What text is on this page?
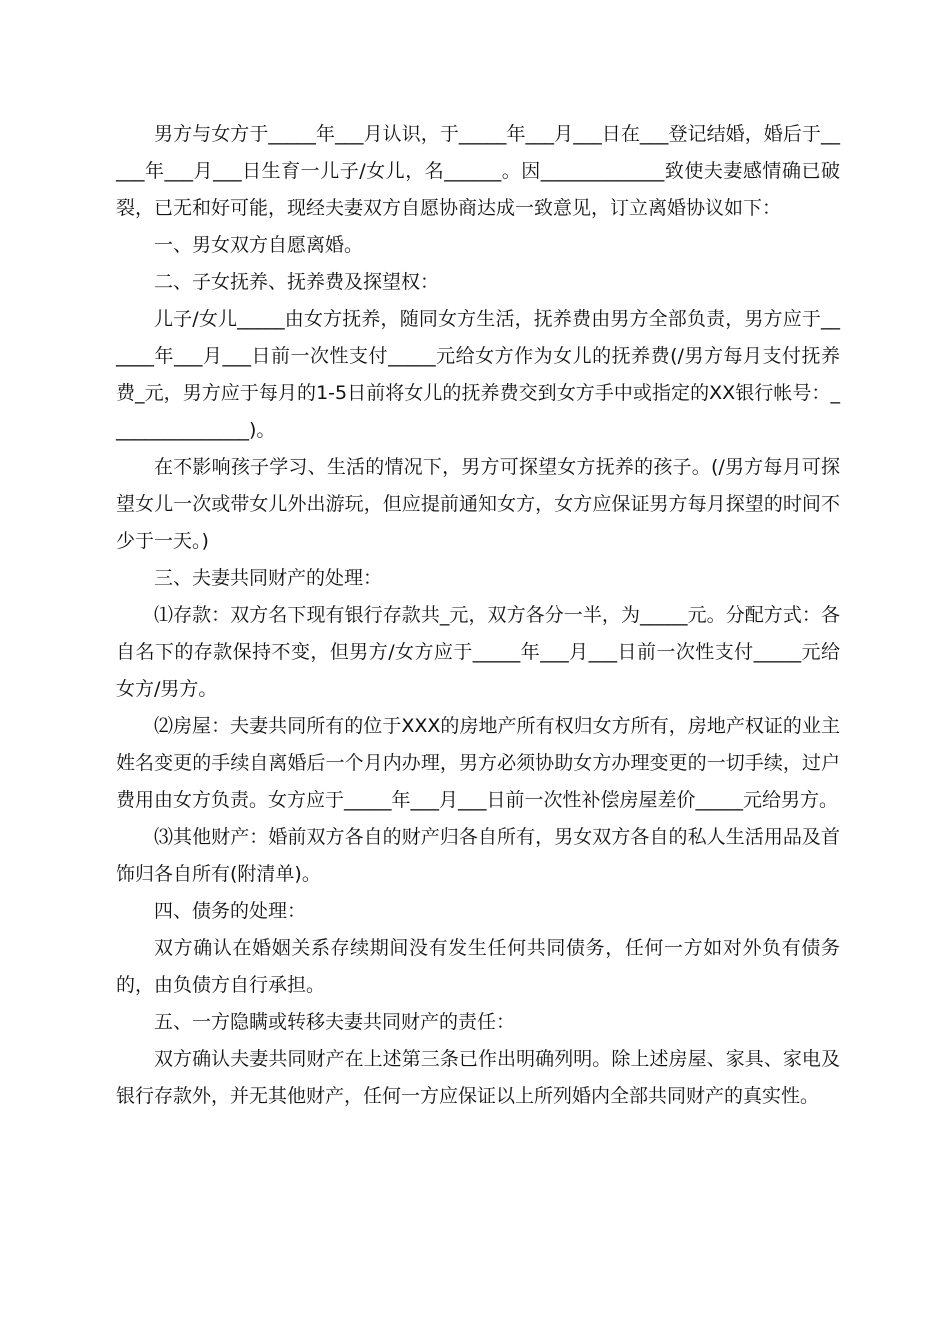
男方与女方于_____年___月认识，于_____年___月___日在___登记结婚，婚后于_____年___月___日生育一儿子/女儿，名______。因_____________致使夫妻感情确已破裂，已无和好可能，现经夫妻双方自愿协商达成一致意见，订立离婚协议如下：

一、男女双方自愿离婚。

二、子女抚养、抚养费及探望权：

儿子/女儿_____由女方抚养，随同女方生活，抚养费由男方全部负责，男方应于______年___月___日前一次性支付_____元给女方作为女儿的抚养费(/男方每月支付抚养费_元，男方应于每月的1-5日前将女儿的抚养费交到女方手中或指定的XX银行帐号：_______________)。

在不影响孩子学习、生活的情况下，男方可探望女方抚养的孩子。(/男方每月可探望女儿一次或带女儿外出游玩，但应提前通知女方，女方应保证男方每月探望的时间不少于一天。)

三、夫妻共同财产的处理：

⑴存款：双方名下现有银行存款共_元，双方各分一半，为_____元。分配方式：各自名下的存款保持不变，但男方/女方应于_____年___月___日前一次性支付_____元给女方/男方。

⑵房屋：夫妻共同所有的位于XXX的房地产所有权归女方所有，房地产权证的业主姓名变更的手续自离婚后一个月内办理，男方必须协助女方办理变更的一切手续，过户费用由女方负责。女方应于_____年___月___日前一次性补偿房屋差价_____元给男方。

⑶其他财产：婚前双方各自的财产归各自所有，男女双方各自的私人生活用品及首饰归各自所有(附清单)。

四、债务的处理：

双方确认在婚姻关系存续期间没有发生任何共同债务，任何一方如对外负有债务的，由负债方自行承担。

五、一方隐瞒或转移夫妻共同财产的责任：

双方确认夫妻共同财产在上述第三条已作出明确列明。除上述房屋、家具、家电及银行存款外，并无其他财产，任何一方应保证以上所列婚内全部共同财产的真实性。
